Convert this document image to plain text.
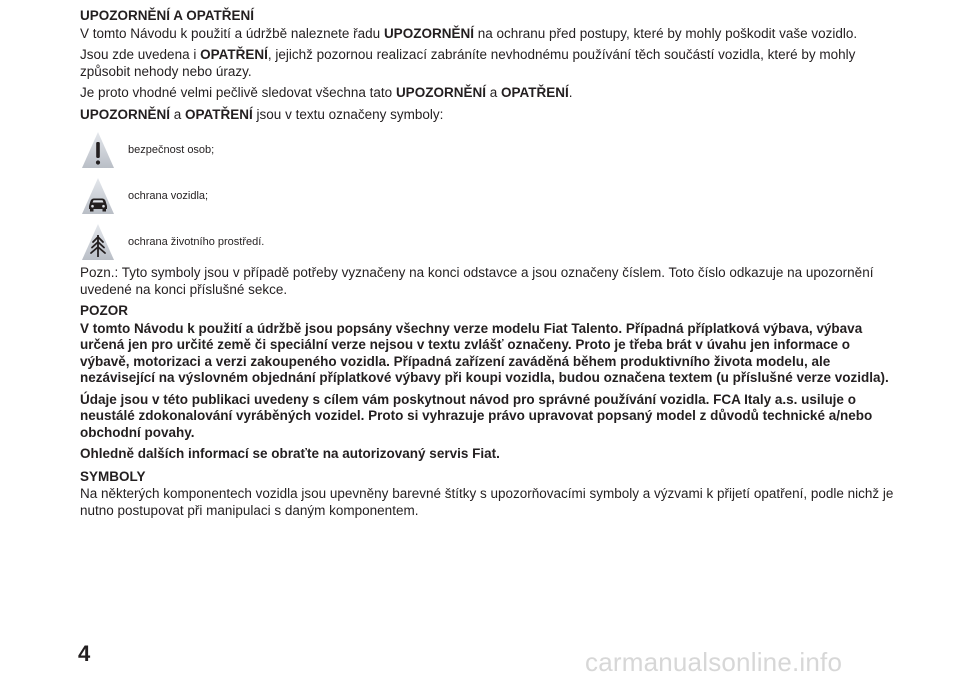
UPOZORNĚNÍ A OPATŘENÍ

V tomto Návodu k použití a údržbě naleznete řadu UPOZORNĚNÍ na ochranu před postupy, které by mohly poškodit vaše vozidlo.

Jsou zde uvedena i OPATŘENÍ, jejichž pozornou realizací zabráníte nevhodnému používání těch součástí vozidla, které by mohly způsobit nehody nebo úrazy.

Je proto vhodné velmi pečlivě sledovat všechna tato UPOZORNĚNÍ a OPATŘENÍ.

UPOZORNĚNÍ a OPATŘENÍ jsou v textu označeny symboly:

bezpečnost osob;
ochrana vozidla;
ochrana životního prostředí.

Pozn.: Tyto symboly jsou v případě potřeby vyznačeny na konci odstavce a jsou označeny číslem. Toto číslo odkazuje na upozornění uvedené na konci příslušné sekce.

POZOR

V tomto Návodu k použití a údržbě jsou popsány všechny verze modelu Fiat Talento. Případná příplatková výbava, výbava určená jen pro určité země či speciální verze nejsou v textu zvlášť označeny. Proto je třeba brát v úvahu jen informace o výbavě, motorizaci a verzi zakoupeného vozidla. Případná zařízení zaváděná během produktivního života modelu, ale nezávisející na výslovném objednání příplatkové výbavy při koupi vozidla, budou označena textem (u příslušné verze vozidla).

Údaje jsou v této publikaci uvedeny s cílem vám poskytnout návod pro správné používání vozidla. FCA Italy a.s. usiluje o neustálé zdokonalování vyráběných vozidel. Proto si vyhrazuje právo upravovat popsaný model z důvodů technické a/nebo obchodní povahy.

Ohledně dalších informací se obraťte na autorizovaný servis Fiat.

SYMBOLY

Na některých komponentech vozidla jsou upevněny barevné štítky s upozorňovacími symboly a výzvami k přijetí opatření, podle nichž je nutno postupovat při manipulaci s daným komponentem.

4	carmanualsonline.info
